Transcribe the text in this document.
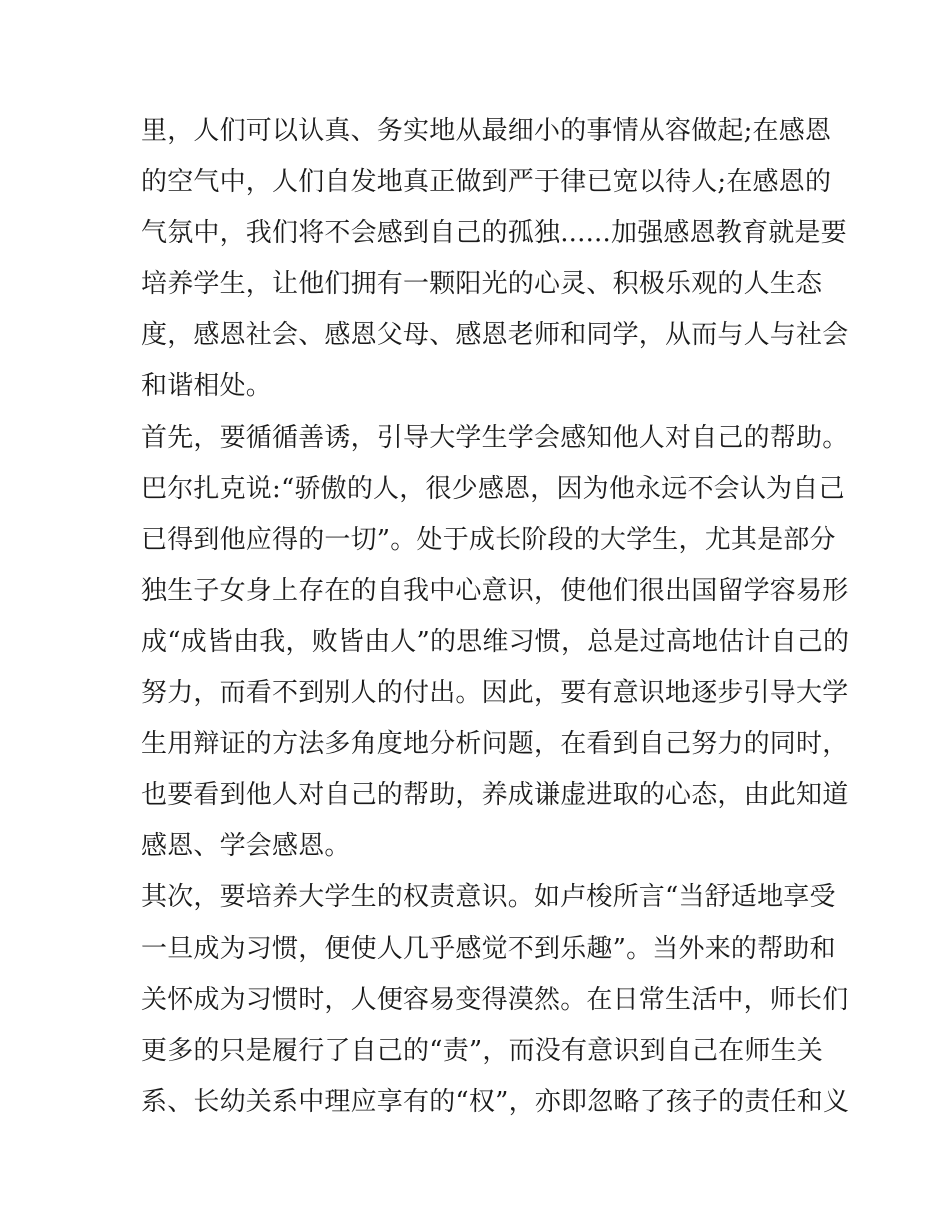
里，人们可以认真、务实地从最细小的事情从容做起;在感恩
的空气中，人们自发地真正做到严于律已宽以待人;在感恩的
气氛中，我们将不会感到自己的孤独......加强感恩教育就是要
培养学生，让他们拥有一颗阳光的心灵、积极乐观的人生态
度，感恩社会、感恩父母、感恩老师和同学，从而与人与社会
和谐相处。
首先，要循循善诱，引导大学生学会感知他人对自己的帮助。
巴尔扎克说:“骄傲的人，很少感恩，因为他永远不会认为自己
已得到他应得的一切”。处于成长阶段的大学生，尤其是部分
独生子女身上存在的自我中心意识，使他们很出国留学容易形
成“成皆由我，败皆由人”的思维习惯，总是过高地估计自己的
努力，而看不到别人的付出。因此，要有意识地逐步引导大学
生用辩证的方法多角度地分析问题，在看到自己努力的同时，
也要看到他人对自己的帮助，养成谦虚进取的心态，由此知道
感恩、学会感恩。
其次，要培养大学生的权责意识。如卢梭所言“当舒适地享受
一旦成为习惯，便使人几乎感觉不到乐趣”。当外来的帮助和
关怀成为习惯时，人便容易变得漠然。在日常生活中，师长们
更多的只是履行了自己的“责”，而没有意识到自己在师生关
系、长幼关系中理应享有的“权”，亦即忽略了孩子的责任和义
